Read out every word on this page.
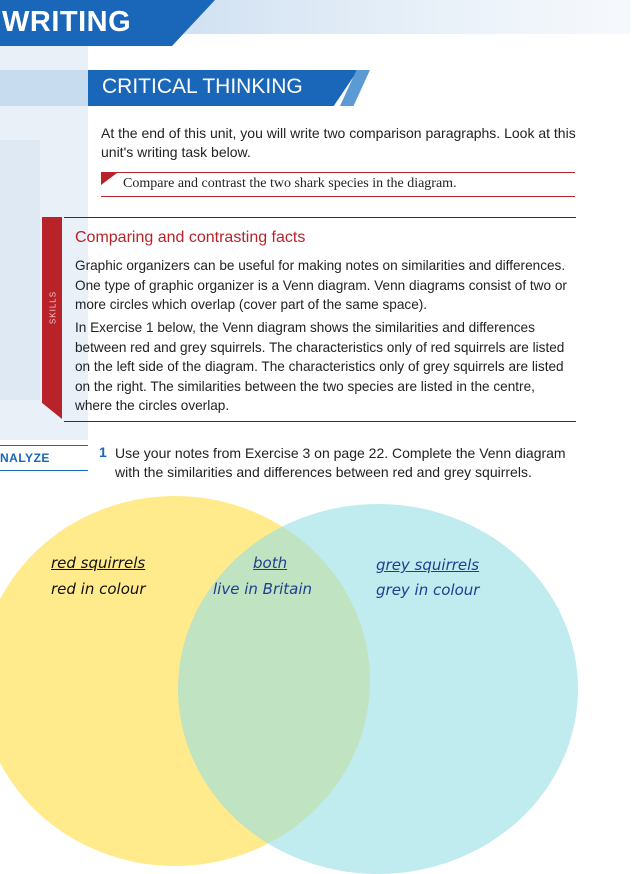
WRITING
CRITICAL THINKING
At the end of this unit, you will write two comparison paragraphs. Look at this unit's writing task below.
Compare and contrast the two shark species in the diagram.
SKILLS
Comparing and contrasting facts
Graphic organizers can be useful for making notes on similarities and differences. One type of graphic organizer is a Venn diagram. Venn diagrams consist of two or more circles which overlap (cover part of the same space).
In Exercise 1 below, the Venn diagram shows the similarities and differences between red and grey squirrels. The characteristics only of red squirrels are listed on the left side of the diagram. The characteristics only of grey squirrels are listed on the right. The similarities between the two species are listed in the centre, where the circles overlap.
NALYZE	1 Use your notes from Exercise 3 on page 22. Complete the Venn diagram with the similarities and differences between red and grey squirrels.
red squirrels
red in colour
both
live in Britain
grey squirrels
grey in colour
